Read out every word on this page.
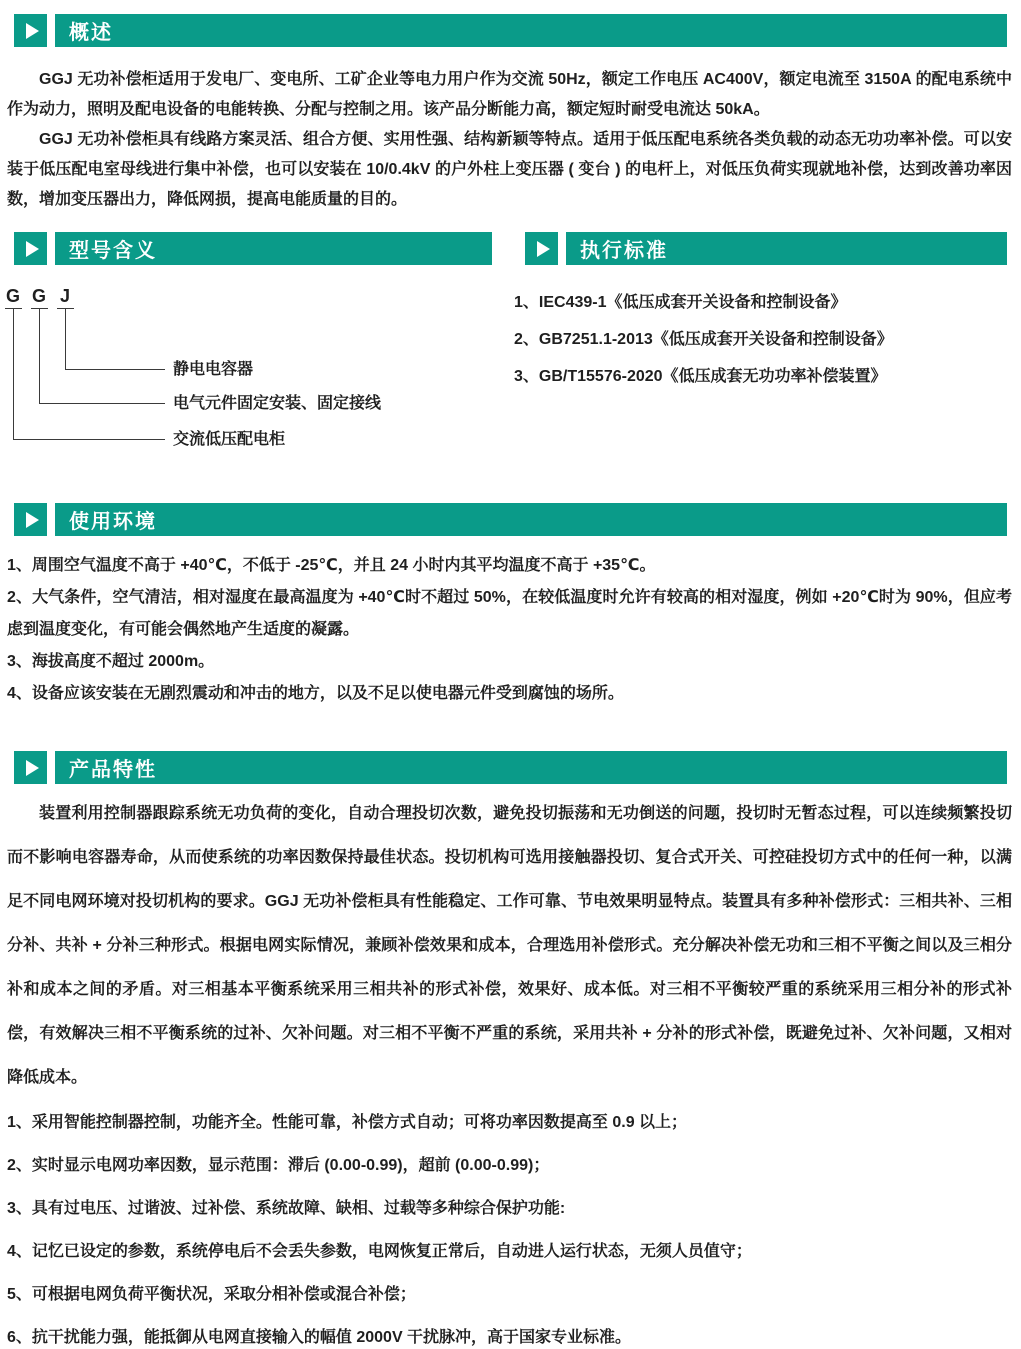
概述

GGJ 无功补偿柜适用于发电厂、变电所、工矿企业等电力用户作为交流 50Hz，额定工作电压 AC400V，额定电流至 3150A 的配电系统中作为动力，照明及配电设备的电能转换、分配与控制之用。该产品分断能力高，额定短时耐受电流达 50kA。

GGJ 无功补偿柜具有线路方案灵活、组合方便、实用性强、结构新颖等特点。适用于低压配电系统各类负载的动态无功功率补偿。可以安装于低压配电室母线进行集中补偿，也可以安装在 10/0.4kV 的户外柱上变压器 ( 变台 ) 的电杆上，对低压负荷实现就地补偿，达到改善功率因数，增加变压器出力，降低网损，提高电能质量的目的。

型号含义
G G J
静电电容器
电气元件固定安装、固定接线
交流低压配电柜
执行标准
1、IEC439-1《低压成套开关设备和控制设备》
2、GB7251.1-2013《低压成套开关设备和控制设备》
3、GB/T15576-2020《低压成套无功功率补偿装置》
使用环境
1、周围空气温度不高于 +40℃，不低于 -25℃，并且 24 小时内其平均温度不高于 +35℃。
2、大气条件，空气清洁，相对湿度在最高温度为 +40℃时不超过 50%，在较低温度时允许有较高的相对湿度，例如 +20℃时为 90%，但应考虑到温度变化，有可能会偶然地产生适度的凝露。
3、海拔高度不超过 2000m。
4、设备应该安装在无剧烈震动和冲击的地方，以及不足以使电器元件受到腐蚀的场所。
产品特性

装置利用控制器跟踪系统无功负荷的变化，自动合理投切次数，避免投切振荡和无功倒送的问题，投切时无暂态过程，可以连续频繁投切而不影响电容器寿命，从而使系统的功率因数保持最佳状态。投切机构可选用接触器投切、复合式开关、可控硅投切方式中的任何一种，以满足不同电网环境对投切机构的要求。GGJ 无功补偿柜具有性能稳定、工作可靠、节电效果明显特点。装置具有多种补偿形式：三相共补、三相分补、共补 + 分补三种形式。根据电网实际情况，兼顾补偿效果和成本，合理选用补偿形式。充分解决补偿无功和三相不平衡之间以及三相分补和成本之间的矛盾。对三相基本平衡系统采用三相共补的形式补偿，效果好、成本低。对三相不平衡较严重的系统采用三相分补的形式补偿，有效解决三相不平衡系统的过补、欠补问题。对三相不平衡不严重的系统，采用共补 + 分补的形式补偿，既避免过补、欠补问题，又相对降低成本。

1、采用智能控制器控制，功能齐全。性能可靠，补偿方式自动；可将功率因数提高至 0.9 以上；
2、实时显示电网功率因数，显示范围：滞后 (0.00-0.99)，超前 (0.00-0.99)；
3、具有过电压、过谐波、过补偿、系统故障、缺相、过载等多种综合保护功能:
4、记忆已设定的参数，系统停电后不会丢失参数，电网恢复正常后，自动进人运行状态，无须人员值守；
5、可根据电网负荷平衡状况，采取分相补偿或混合补偿；
6、抗干扰能力强，能抵御从电网直接输入的幅值 2000V 干扰脉冲，高于国家专业标准。
